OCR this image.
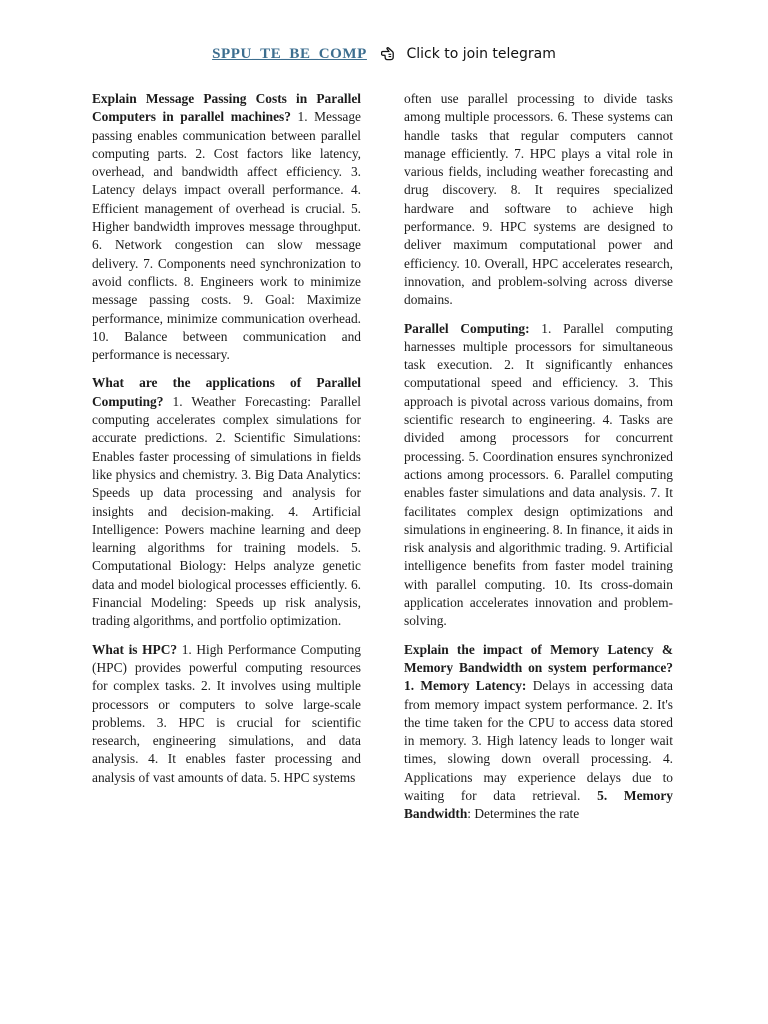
SPPU_TE_BE_COMP	Click to join telegram

Explain Message Passing Costs in Parallel Computers in parallel machines? 1. Message passing enables communication between parallel computing parts. 2. Cost factors like latency, overhead, and bandwidth affect efficiency. 3. Latency delays impact overall performance. 4. Efficient management of overhead is crucial. 5. Higher bandwidth improves message throughput. 6. Network congestion can slow message delivery. 7. Components need synchronization to avoid conflicts. 8. Engineers work to minimize message passing costs. 9. Goal: Maximize performance, minimize communication overhead. 10. Balance between communication and performance is necessary.

What are the applications of Parallel Computing? 1. Weather Forecasting: Parallel computing accelerates complex simulations for accurate predictions. 2. Scientific Simulations: Enables faster processing of simulations in fields like physics and chemistry. 3. Big Data Analytics: Speeds up data processing and analysis for insights and decision-making. 4. Artificial Intelligence: Powers machine learning and deep learning algorithms for training models. 5. Computational Biology: Helps analyze genetic data and model biological processes efficiently. 6. Financial Modeling: Speeds up risk analysis, trading algorithms, and portfolio optimization.

What is HPC? 1. High Performance Computing (HPC) provides powerful computing resources for complex tasks. 2. It involves using multiple processors or computers to solve large-scale problems. 3. HPC is crucial for scientific research, engineering simulations, and data analysis. 4. It enables faster processing and analysis of vast amounts of data. 5. HPC systems

often use parallel processing to divide tasks among multiple processors. 6. These systems can handle tasks that regular computers cannot manage efficiently. 7. HPC plays a vital role in various fields, including weather forecasting and drug discovery. 8. It requires specialized hardware and software to achieve high performance. 9. HPC systems are designed to deliver maximum computational power and efficiency. 10. Overall, HPC accelerates research, innovation, and problem-solving across diverse domains.

Parallel Computing: 1. Parallel computing harnesses multiple processors for simultaneous task execution. 2. It significantly enhances computational speed and efficiency. 3. This approach is pivotal across various domains, from scientific research to engineering. 4. Tasks are divided among processors for concurrent processing. 5. Coordination ensures synchronized actions among processors. 6. Parallel computing enables faster simulations and data analysis. 7. It facilitates complex design optimizations and simulations in engineering. 8. In finance, it aids in risk analysis and algorithmic trading. 9. Artificial intelligence benefits from faster model training with parallel computing. 10. Its cross-domain application accelerates innovation and problem-solving.

Explain the impact of Memory Latency & Memory Bandwidth on system performance? 1. Memory Latency: Delays in accessing data from memory impact system performance. 2. It's the time taken for the CPU to access data stored in memory. 3. High latency leads to longer wait times, slowing down overall processing. 4. Applications may experience delays due to waiting for data retrieval. 5. Memory Bandwidth: Determines the rate
